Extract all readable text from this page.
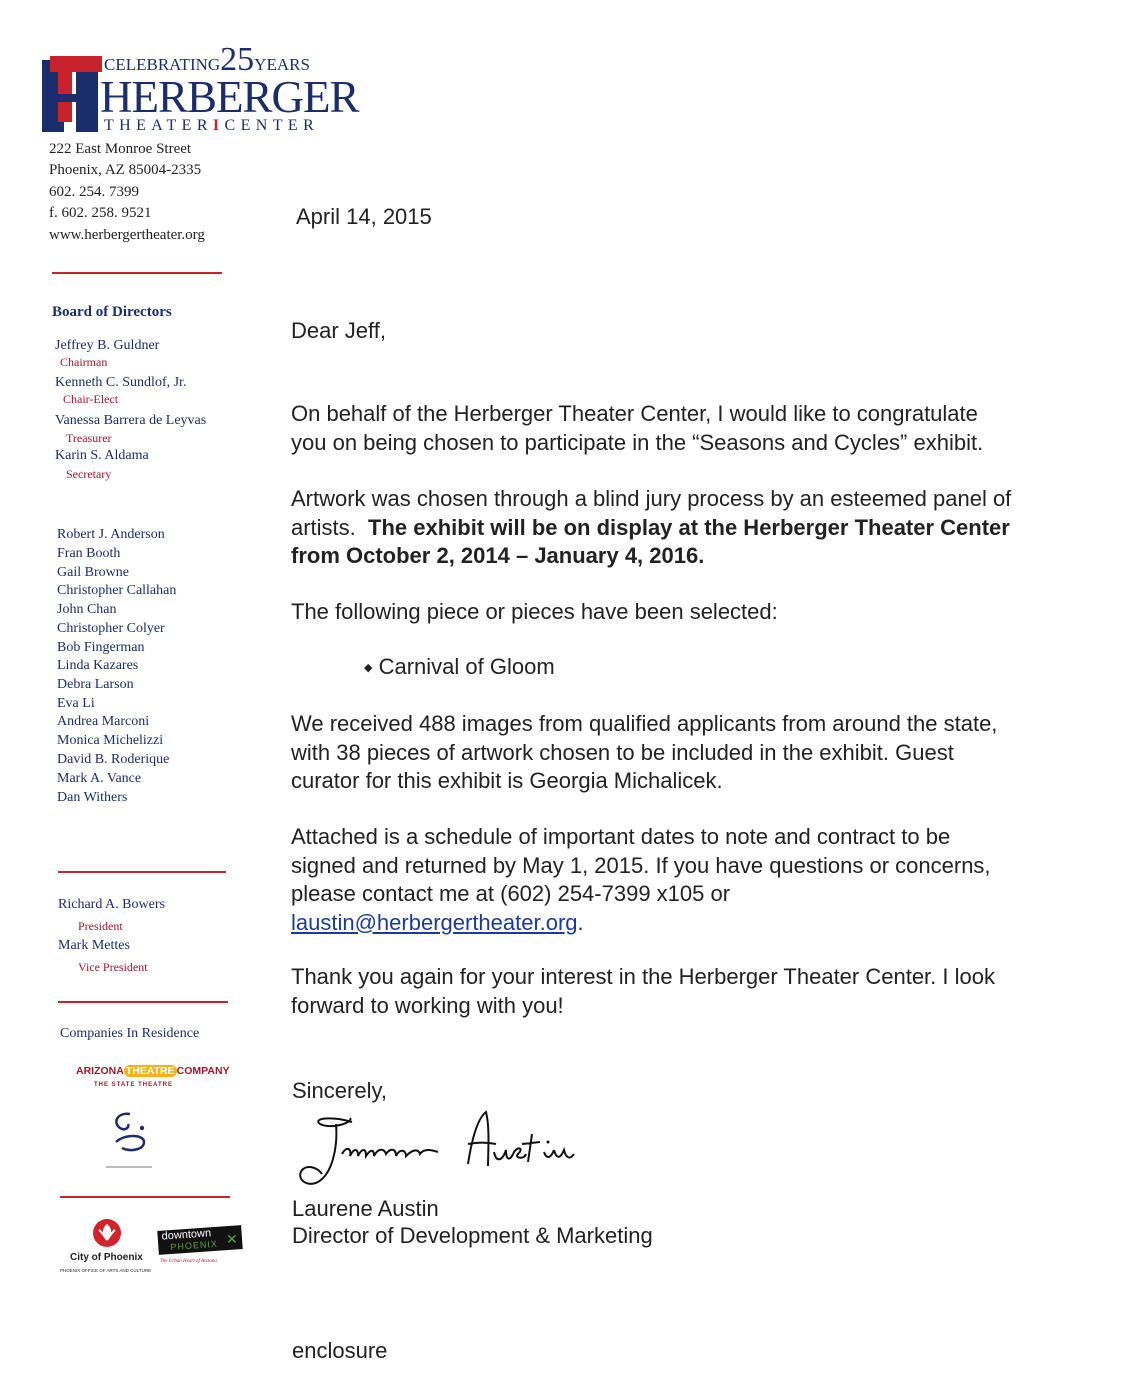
CELEBRATING25YEARS
HERBERGER
THEATERICENTER
222 East Monroe Street
Phoenix, AZ 85004-2335
602. 254. 7399
f. 602. 258. 9521
www.herbergertheater.org
Board of Directors
Jeffrey B. Guldner
Chairman
Kenneth C. Sundlof, Jr.
Chair-Elect
Vanessa Barrera de Leyvas
Treasurer
Karin S. Aldama
Secretary
Robert J. Anderson
Fran Booth
Gail Browne
Christopher Callahan
John Chan
Christopher Colyer
Bob Fingerman
Linda Kazares
Debra Larson
Eva Li
Andrea Marconi
Monica Michelizzi
David B. Roderique
Mark A. Vance
Dan Withers
Richard A. Bowers
President
Mark Mettes
Vice President
Companies In Residence
ARIZONA THEATRE COMPANY
THE STATE THEATRE
City of Phoenix
PHOENIX OFFICE OF ARTS AND CULTURE
downtown
PHOENIX ✕
The Urban Heart of Arizona
April 14, 2015
Dear Jeff,
On behalf of the Herberger Theater Center, I would like to congratulate
you on being chosen to participate in the “Seasons and Cycles” exhibit.
Artwork was chosen through a blind jury process by an esteemed panel of
artists. The exhibit will be on display at the Herberger Theater Center
from October 2, 2014 – January 4, 2016.
The following piece or pieces have been selected:
◆ Carnival of Gloom
We received 488 images from qualified applicants from around the state,
with 38 pieces of artwork chosen to be included in the exhibit. Guest
curator for this exhibit is Georgia Michalicek.
Attached is a schedule of important dates to note and contract to be
signed and returned by May 1, 2015. If you have questions or concerns,
please contact me at (602) 254-7399 x105 or
laustin@herbergertheater.org.
Thank you again for your interest in the Herberger Theater Center. I look
forward to working with you!
Sincerely,
Laurene Austin
Director of Development & Marketing
enclosure
